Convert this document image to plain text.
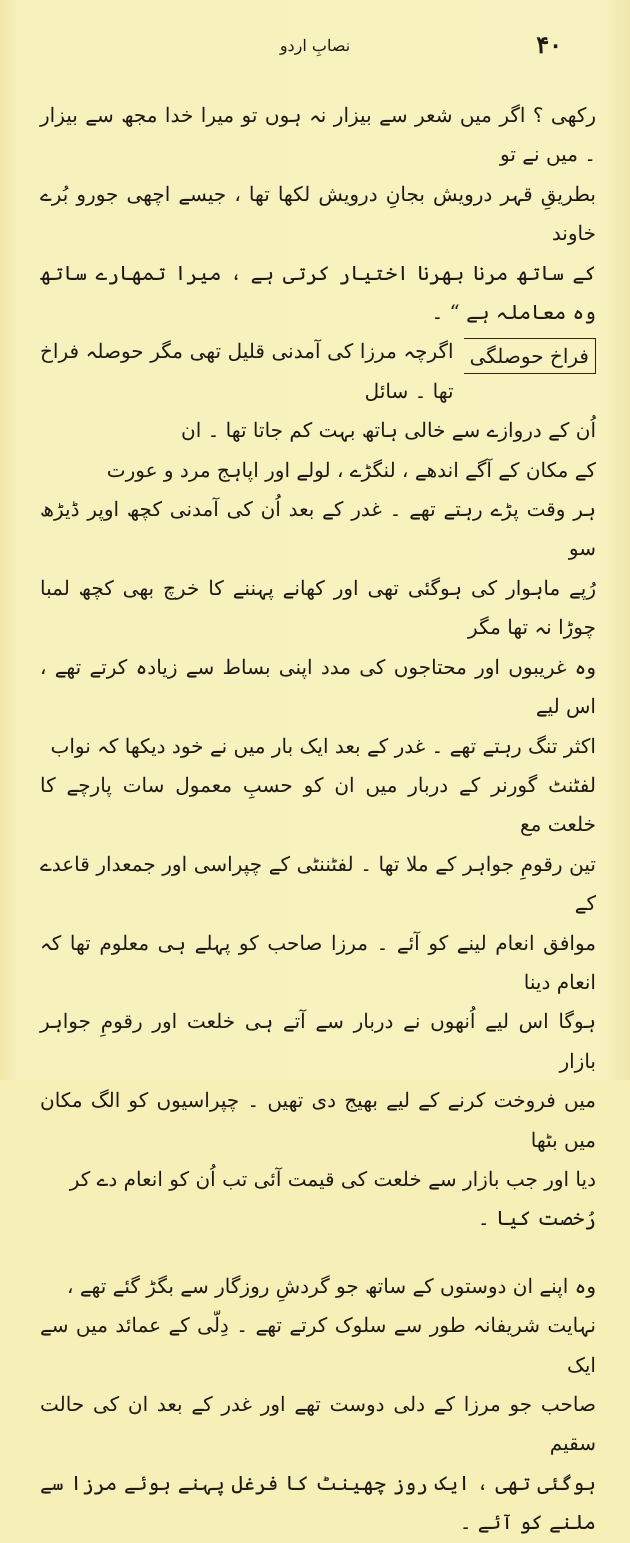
۴۰
نصابِ اردو

رکھی ؟ اگر میں شعر سے بیزار نہ ہوں تو میرا خدا مجھ سے بیزار ۔ میں نے تو
بطریقِ قہر درویش بجانِ درویش لکھا تھا ، جیسے اچھی جورو بُرے خاوند
کے ساتھ مرنا بھرنا اختیار کرتی ہے ، میرا تمھارے ساتھ وہ معاملہ ہے “ ۔

فراخ حوصلگی
اگرچہ مرزا کی آمدنی قلیل تھی مگر حوصلہ فراخ تھا ۔ سائل
اُن کے دروازے سے خالی ہاتھ بہت کم جاتا تھا ۔ ان
کے مکان کے آگے اندھے ، لنگڑے ، لولے اور اپاہج مرد و عورت
ہر وقت پڑے رہتے تھے ۔ غدر کے بعد اُن کی آمدنی کچھ اوپر ڈیڑھ سو
رُپے ماہوار کی ہوگئی تھی اور کھانے پہننے کا خرچ بھی کچھ لمبا چوڑا نہ تھا مگر
وہ غریبوں اور محتاجوں کی مدد اپنی بساط سے زیادہ کرتے تھے ، اس لیے
اکثر تنگ رہتے تھے ۔ غدر کے بعد ایک بار میں نے خود دیکھا کہ نواب
لفٹنٹ گورنر کے دربار میں ان کو حسبِ معمول سات پارچے کا خلعت مع
تین رقومِ جواہر کے ملا تھا ۔ لفٹننٹی کے چپراسی اور جمعدار قاعدے کے
موافق انعام لینے کو آئے ۔ مرزا صاحب کو پہلے ہی معلوم تھا کہ انعام دینا
ہوگا اس لیے اُنھوں نے دربار سے آتے ہی خلعت اور رقومِ جواہر بازار
میں فروخت کرنے کے لیے بھیج دی تھیں ۔ چپراسیوں کو الگ مکان میں بٹھا
دیا اور جب بازار سے خلعت کی قیمت آئی تب اُن کو انعام دے کر
رُخصت کیا ۔

وہ اپنے ان دوستوں کے ساتھ جو گردشِ روزگار سے بگڑ گئے تھے ،
نہایت شریفانہ طور سے سلوک کرتے تھے ۔ دِلّی کے عمائد میں سے ایک
صاحب جو مرزا کے دلی دوست تھے اور غدر کے بعد ان کی حالت سقیم
ہوگئی تھی ، ایک روز چھینٹ کا فرغل پہنے ہوئے مرزا سے ملنے کو آئے ۔
